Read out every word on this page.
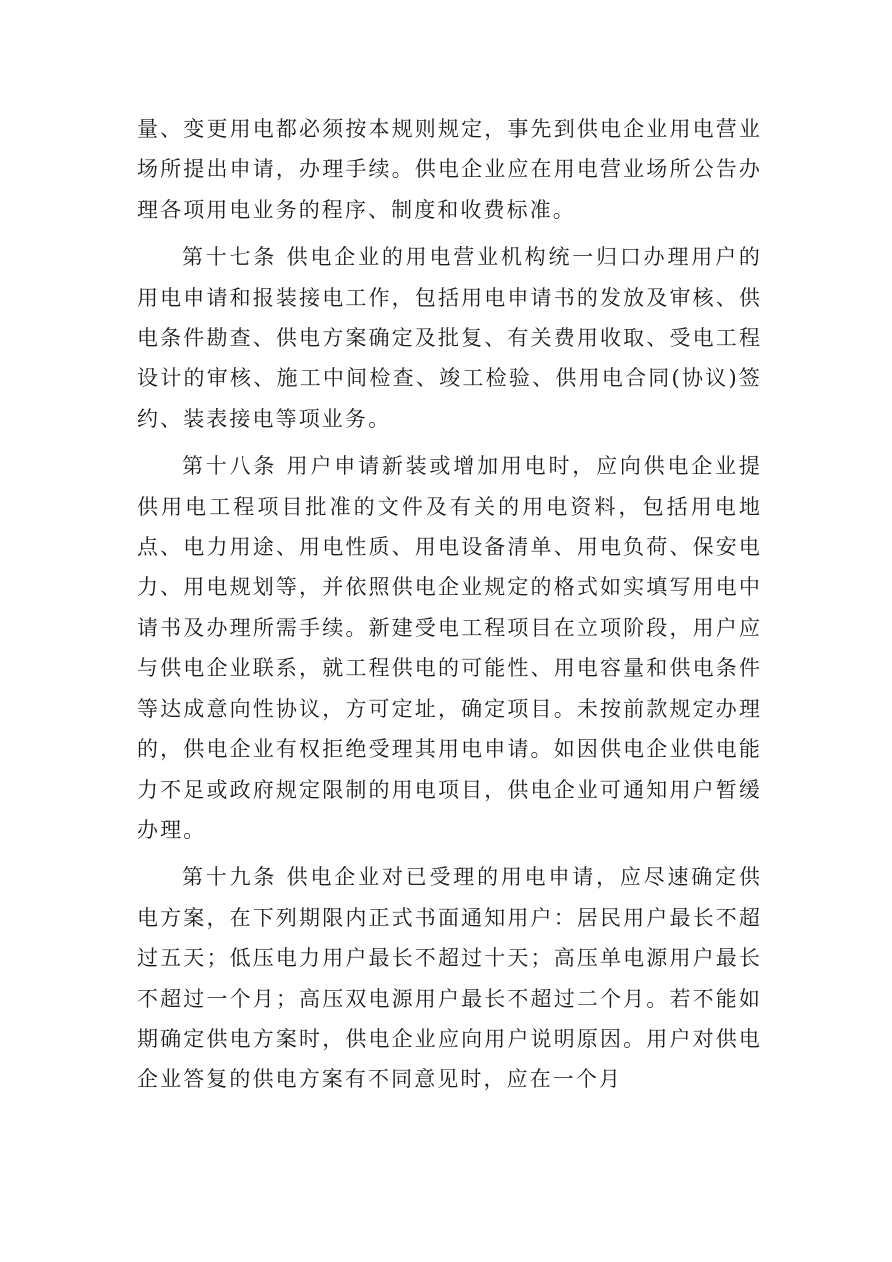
量、变更用电都必须按本规则规定，事先到供电企业用电营业场所提出申请，办理手续。供电企业应在用电营业场所公告办理各项用电业务的程序、制度和收费标准。

第十七条 供电企业的用电营业机构统一归口办理用户的用电申请和报装接电工作，包括用电申请书的发放及审核、供电条件勘查、供电方案确定及批复、有关费用收取、受电工程设计的审核、施工中间检查、竣工检验、供用电合同(协议)签约、装表接电等项业务。

第十八条 用户申请新装或增加用电时，应向供电企业提供用电工程项目批准的文件及有关的用电资料，包括用电地点、电力用途、用电性质、用电设备清单、用电负荷、保安电力、用电规划等，并依照供电企业规定的格式如实填写用电中请书及办理所需手续。新建受电工程项目在立项阶段，用户应与供电企业联系，就工程供电的可能性、用电容量和供电条件等达成意向性协议，方可定址，确定项目。未按前款规定办理的，供电企业有权拒绝受理其用电申请。如因供电企业供电能力不足或政府规定限制的用电项目，供电企业可通知用户暂缓办理。

第十九条 供电企业对已受理的用电申请，应尽速确定供电方案，在下列期限内正式书面通知用户：居民用户最长不超过五天；低压电力用户最长不超过十天；高压单电源用户最长不超过一个月；高压双电源用户最长不超过二个月。若不能如期确定供电方案时，供电企业应向用户说明原因。用户对供电企业答复的供电方案有不同意见时，应在一个月
